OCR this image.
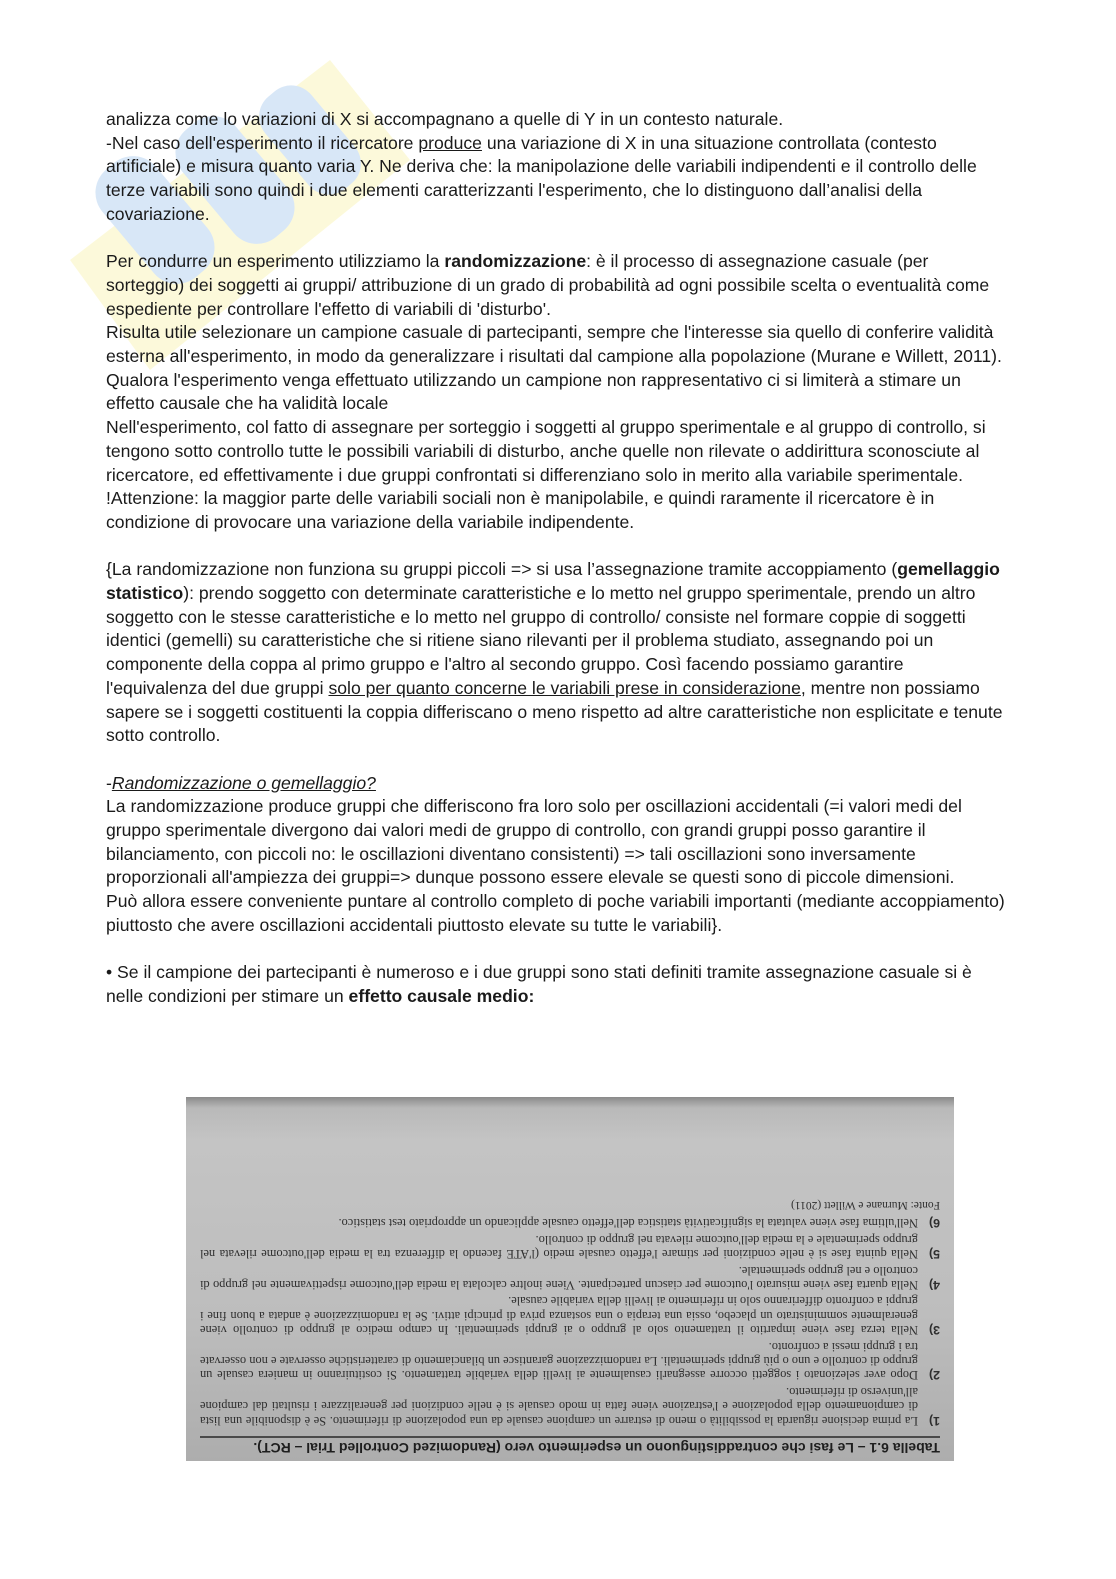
analizza come lo variazioni di X si accompagnano a quelle di Y in un contesto naturale.
-Nel caso dell'esperimento il ricercatore produce una variazione di X in una situazione controllata (contesto artificiale) e misura quanto varia Y. Ne deriva che: la manipolazione delle variabili indipendenti e il controllo delle terze variabili sono quindi i due elementi caratterizzanti l'esperimento, che lo distinguono dall’analisi della covariazione.

Per condurre un esperimento utilizziamo la randomizzazione: è il processo di assegnazione casuale (per sorteggio) dei soggetti ai gruppi/ attribuzione di un grado di probabilità ad ogni possibile scelta o eventualità come espediente per controllare l'effetto di variabili di 'disturbo'.
Risulta utile selezionare un campione casuale di partecipanti, sempre che l'interesse sia quello di conferire validità esterna all'esperimento, in modo da generalizzare i risultati dal campione alla popolazione (Murane e Willett, 2011). Qualora l'esperimento venga effettuato utilizzando un campione non rappresentativo ci si limiterà a stimare un effetto causale che ha validità locale
Nell'esperimento, col fatto di assegnare per sorteggio i soggetti al gruppo sperimentale e al gruppo di controllo, si tengono sotto controllo tutte le possibili variabili di disturbo, anche quelle non rilevate o addirittura sconosciute al ricercatore, ed effettivamente i due gruppi confrontati si differenziano solo in merito alla variabile sperimentale.
!Attenzione: la maggior parte delle variabili sociali non è manipolabile, e quindi raramente il ricercatore è in condizione di provocare una variazione della variabile indipendente.

{La randomizzazione non funziona su gruppi piccoli => si usa l’assegnazione tramite accoppiamento (gemellaggio statistico): prendo soggetto con determinate caratteristiche e lo metto nel gruppo sperimentale, prendo un altro soggetto con le stesse caratteristiche e lo metto nel gruppo di controllo/ consiste nel formare coppie di soggetti identici (gemelli) su caratteristiche che si ritiene siano rilevanti per il problema studiato, assegnando poi un componente della coppa al primo gruppo e l'altro al secondo gruppo. Così facendo possiamo garantire l'equivalenza del due gruppi solo per quanto concerne le variabili prese in considerazione, mentre non possiamo sapere se i soggetti costituenti la coppia differiscano o meno rispetto ad altre caratteristiche non esplicitate e tenute sotto controllo.

-Randomizzazione o gemellaggio?
La randomizzazione produce gruppi che differiscono fra loro solo per oscillazioni accidentali (=i valori medi del gruppo sperimentale divergono dai valori medi de gruppo di controllo, con grandi gruppi posso garantire il bilanciamento, con piccoli no: le oscillazioni diventano consistenti) => tali oscillazioni sono inversamente proporzionali all'ampiezza dei gruppi=> dunque possono essere elevale se questi sono di piccole dimensioni.
Può allora essere conveniente puntare al controllo completo di poche variabili importanti (mediante accoppiamento) piuttosto che avere oscillazioni accidentali piuttosto elevate su tutte le variabili}.

• Se il campione dei partecipanti è numeroso e i due gruppi sono stati definiti tramite assegnazione casuale si è nelle condizioni per stimare un effetto causale medio:

Tabella 6.1 – Le fasi che contraddistinguono un esperimento vero (Randomized Controlled Trial – RCT).
1)
La prima decisione riguarda la possibilità o meno di estrarre un campione casuale da una popolazione di riferimento. Se è disponibile una lista di campionamento della popolazione e l'estrazione viene fatta in modo casuale si è nelle condizioni per generalizzare i risultati dal campione all'universo di riferimento.
2)
Dopo aver selezionato i soggetti occorre assegnarli casualmente ai livelli della variabile trattamento. Si costituiranno in maniera casuale un gruppo di controllo e uno o più gruppi sperimentali. La randomizzazione garantisce un bilanciamento di caratteristiche osservate e non osservate tra i gruppi messi a confronto.
3)
Nella terza fase viene impartito il trattamento solo al gruppo o ai gruppi sperimentali. In campo medico al gruppo di controllo viene generalmente somministrato un placebo, ossia una terapia o una sostanza priva di principi attivi. Se la randomizzazione è andata a buon fine i gruppi a confronto differiranno solo in riferimento ai livelli della variabile causale.
4)
Nella quarta fase viene misurato l'outcome per ciascun partecipante. Viene inoltre calcolata la media dell'outcome rispettivamente nel gruppo di controllo e nel gruppo sperimentale.
5)
Nella quinta fase si è nelle condizioni per stimare l'effetto causale medio (l'ATE facendo la differenza tra la media dell'outcome rilevata nel gruppo sperimentale e la media dell'outcome rilevata nel gruppo di controllo.
6)
Nell'ultima fase viene valutata la significatività statistica dell'effetto causale applicando un appropriato test statistico.
Fonte: Murnane e Willett (2011)
